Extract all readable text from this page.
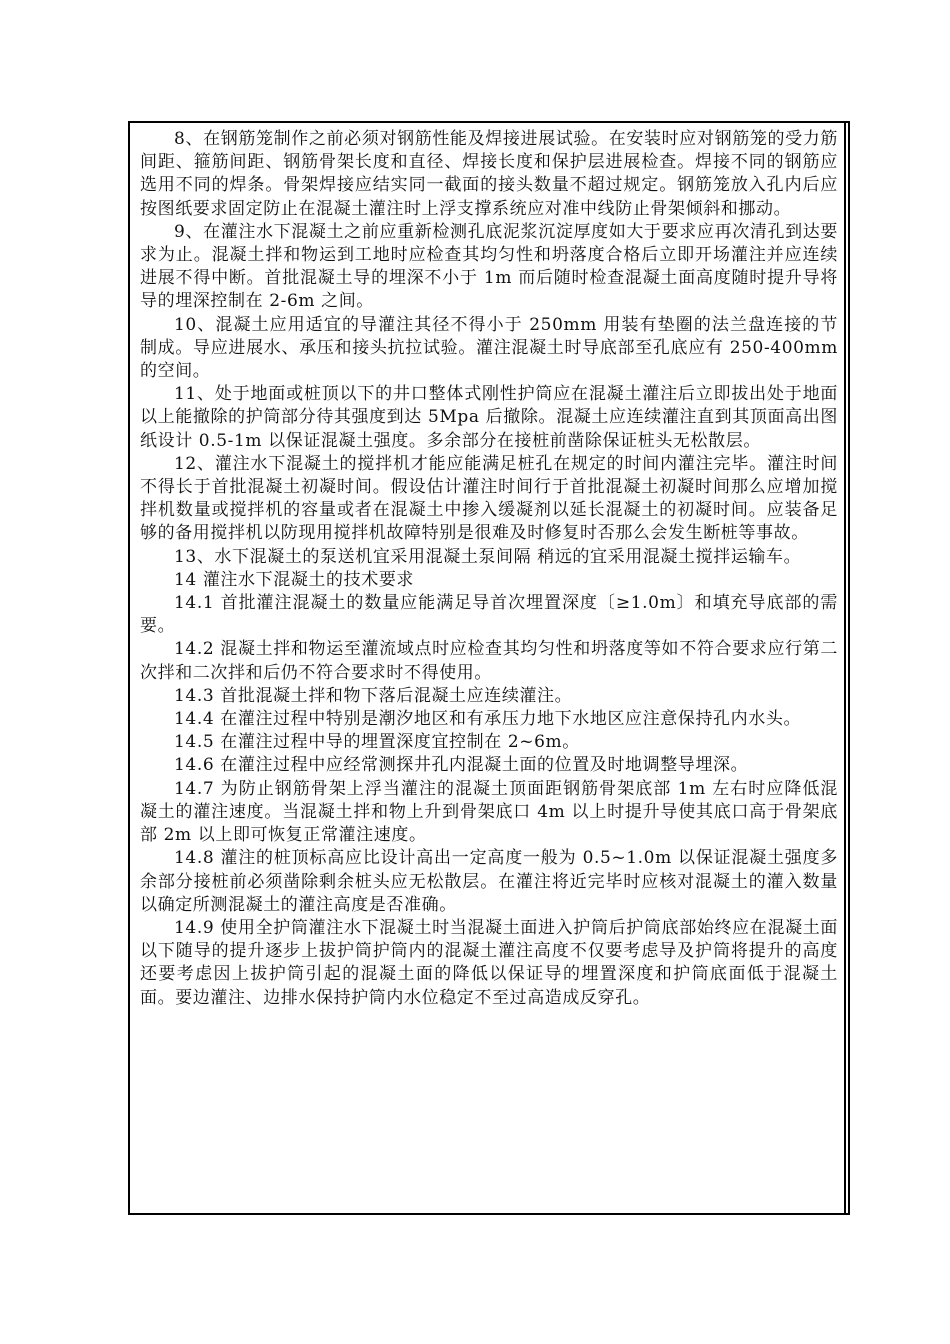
8、在钢筋笼制作之前必须对钢筋性能及焊接进展试验。在安装时应对钢筋笼的受力筋间距、箍筋间距、钢筋骨架长度和直径、焊接长度和保护层进展检查。焊接不同的钢筋应选用不同的焊条。骨架焊接应结实同一截面的接头数量不超过规定。钢筋笼放入孔内后应按图纸要求固定防止在混凝土灌注时上浮支撑系统应对准中线防止骨架倾斜和挪动。

9、在灌注水下混凝土之前应重新检测孔底泥浆沉淀厚度如大于要求应再次清孔到达要求为止。混凝土拌和物运到工地时应检查其均匀性和坍落度合格后立即开场灌注并应连续进展不得中断。首批混凝土导的埋深不小于 1m 而后随时检查混凝土面高度随时提升导将导的埋深控制在 2-6m 之间。

10、混凝土应用适宜的导灌注其径不得小于 250mm 用装有垫圈的法兰盘连接的节制成。导应进展水、承压和接头抗拉试验。灌注混凝土时导底部至孔底应有 250-400mm 的空间。

11、处于地面或桩顶以下的井口整体式刚性护筒应在混凝土灌注后立即拔出处于地面以上能撤除的护筒部分待其强度到达 5Mpa 后撤除。混凝土应连续灌注直到其顶面高出图纸设计 0.5-1m 以保证混凝土强度。多余部分在接桩前凿除保证桩头无松散层。

12、灌注水下混凝土的搅拌机才能应能满足桩孔在规定的时间内灌注完毕。灌注时间不得长于首批混凝土初凝时间。假设估计灌注时间行于首批混凝土初凝时间那么应增加搅拌机数量或搅拌机的容量或者在混凝土中掺入缓凝剂以延长混凝土的初凝时间。应装备足够的备用搅拌机以防现用搅拌机故障特别是很难及时修复时否那么会发生断桩等事故。

13、水下混凝土的泵送机宜采用混凝土泵间隔 稍远的宜采用混凝土搅拌运输车。

14 灌注水下混凝土的技术要求

14.1 首批灌注混凝土的数量应能满足导首次埋置深度〔≥1.0m〕和填充导底部的需要。

14.2 混凝土拌和物运至灌流域点时应检查其均匀性和坍落度等如不符合要求应行第二次拌和二次拌和后仍不符合要求时不得使用。

14.3 首批混凝土拌和物下落后混凝土应连续灌注。

14.4 在灌注过程中特别是潮汐地区和有承压力地下水地区应注意保持孔内水头。

14.5 在灌注过程中导的埋置深度宜控制在 2~6m。

14.6 在灌注过程中应经常测探井孔内混凝土面的位置及时地调整导埋深。

14.7 为防止钢筋骨架上浮当灌注的混凝土顶面距钢筋骨架底部 1m 左右时应降低混凝土的灌注速度。当混凝土拌和物上升到骨架底口 4m 以上时提升导使其底口高于骨架底部 2m 以上即可恢复正常灌注速度。

14.8 灌注的桩顶标高应比设计高出一定高度一般为 0.5~1.0m 以保证混凝土强度多余部分接桩前必须凿除剩余桩头应无松散层。在灌注将近完毕时应核对混凝土的灌入数量以确定所测混凝土的灌注高度是否准确。

14.9 使用全护筒灌注水下混凝土时当混凝土面进入护筒后护筒底部始终应在混凝土面以下随导的提升逐步上拔护筒护筒内的混凝土灌注高度不仅要考虑导及护筒将提升的高度还要考虑因上拔护筒引起的混凝土面的降低以保证导的埋置深度和护筒底面低于混凝土面。要边灌注、边排水保持护筒内水位稳定不至过高造成反穿孔。
